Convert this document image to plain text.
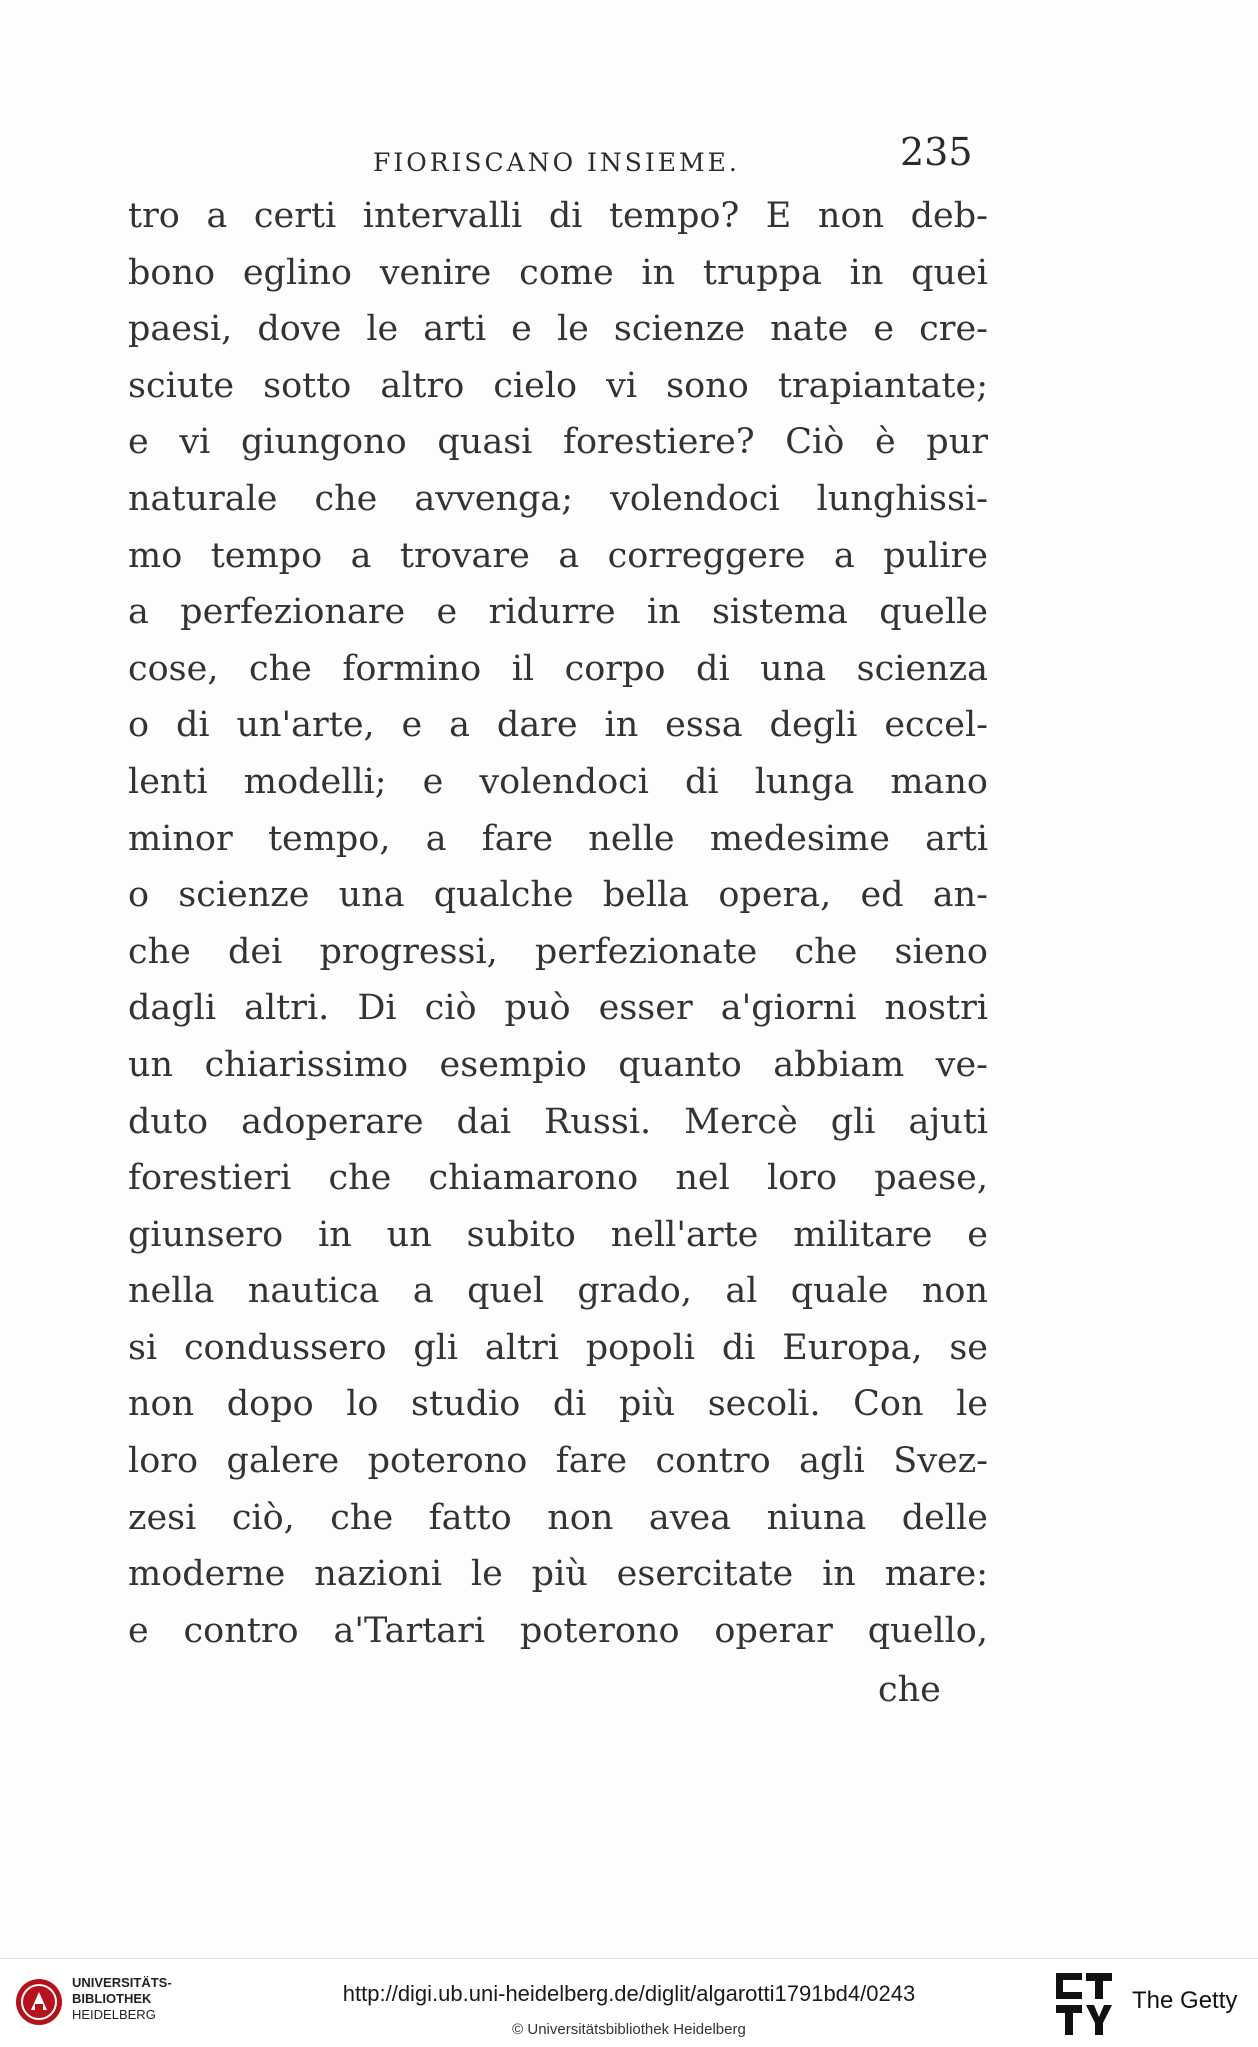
FIORISCANO INSIEME.	235
tro a certi intervalli di tempo? E non deb-
bono eglino venire come in truppa in quei
paesi, dove le arti e le scienze nate e cre-
sciute sotto altro cielo vi sono trapiantate;
e vi giungono quasi forestiere? Ciò è pur
naturale che avvenga; volendoci lunghissi-
mo tempo a trovare a correggere a pulire
a perfezionare e ridurre in sistema quelle
cose, che formino il corpo di una scienza
o di un'arte, e a dare in essa degli eccel-
lenti modelli; e volendoci di lunga mano
minor tempo, a fare nelle medesime arti
o scienze una qualche bella opera, ed an-
che dei progressi, perfezionate che sieno
dagli altri. Di ciò può esser a'giorni nostri
un chiarissimo esempio quanto abbiam ve-
duto adoperare dai Russi. Mercè gli ajuti
forestieri che chiamarono nel loro paese,
giunsero in un subito nell'arte militare e
nella nautica a quel grado, al quale non
si condussero gli altri popoli di Europa, se
non dopo lo studio di più secoli. Con le
loro galere poterono fare contro agli Svez-
zesi ciò, che fatto non avea niuna delle
moderne nazioni le più esercitate in mare:
e contro a'Tartari poterono operar quello,
che
UNIVERSITÄTS-
BIBLIOTHEK
HEIDELBERG
http://digi.ub.uni-heidelberg.de/diglit/algarotti1791bd4/0243
© Universitätsbibliothek Heidelberg
The Getty
